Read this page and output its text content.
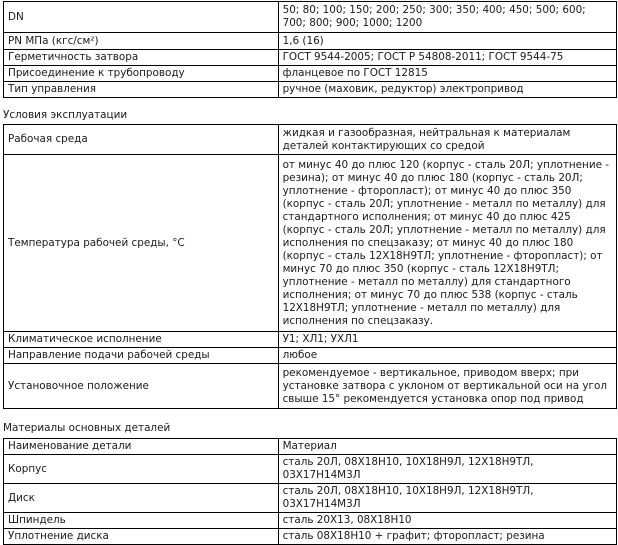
DN	50; 80; 100; 150; 200; 250; 300; 350; 400; 450; 500; 600; 700; 800; 900; 1000; 1200
PN МПа (кгс/см²)	1,6 (16)
Герметичность затвора	ГОСТ 9544-2005; ГОСТ Р 54808-2011; ГОСТ 9544-75
Присоединение к трубопроводу	фланцевое по ГОСТ 12815
Тип управления	ручное (маховик, редуктор) электропривод

Условия эксплуатации

Рабочая среда	жидкая и газообразная, нейтральная к материалам деталей контактирующих со средой
Температура рабочей среды, °С	от минус 40 до плюс 120 (корпус - сталь 20Л; уплотнение - резина); от минус 40 до плюс 180 (корпус - сталь 20Л; уплотнение - фторопласт); от минус 40 до плюс 350 (корпус - сталь 20Л; уплотнение - металл по металлу) для стандартного исполнения; от минус 40 до плюс 425 (корпус - сталь 20Л; уплотнение - металл по металлу) для исполнения по спецзаказу; от минус 40 до плюс 180 (корпус - сталь 12Х18Н9ТЛ; уплотнение - фторопласт); от минус 70 до плюс 350 (корпус - сталь 12Х18Н9ТЛ; уплотнение - металл по металлу) для стандартного исполнения; от минус 70 до плюс 538 (корпус - сталь 12Х18Н9ТЛ; уплотнение - металл по металлу) для исполнения по спецзаказу.
Климатическое исполнение	У1; ХЛ1; УХЛ1
Направление подачи рабочей среды	любое
Установочное положение	рекомендуемое - вертикальное, приводом вверх; при установке затвора с уклоном от вертикальной оси на угол свыше 15° рекомендуется установка опор под привод

Материалы основных деталей

Наименование детали	Материал
Корпус	сталь 20Л, 08Х18Н10, 10Х18Н9Л, 12Х18Н9ТЛ, 03Х17Н14М3Л
Диск	сталь 20Л, 08Х18Н10, 10Х18Н9Л, 12Х18Н9ТЛ, 03Х17Н14М3Л
Шпиндель	сталь 20Х13, 08Х18Н10
Уплотнение диска	сталь 08Х18Н10 + графит; фторопласт; резина
